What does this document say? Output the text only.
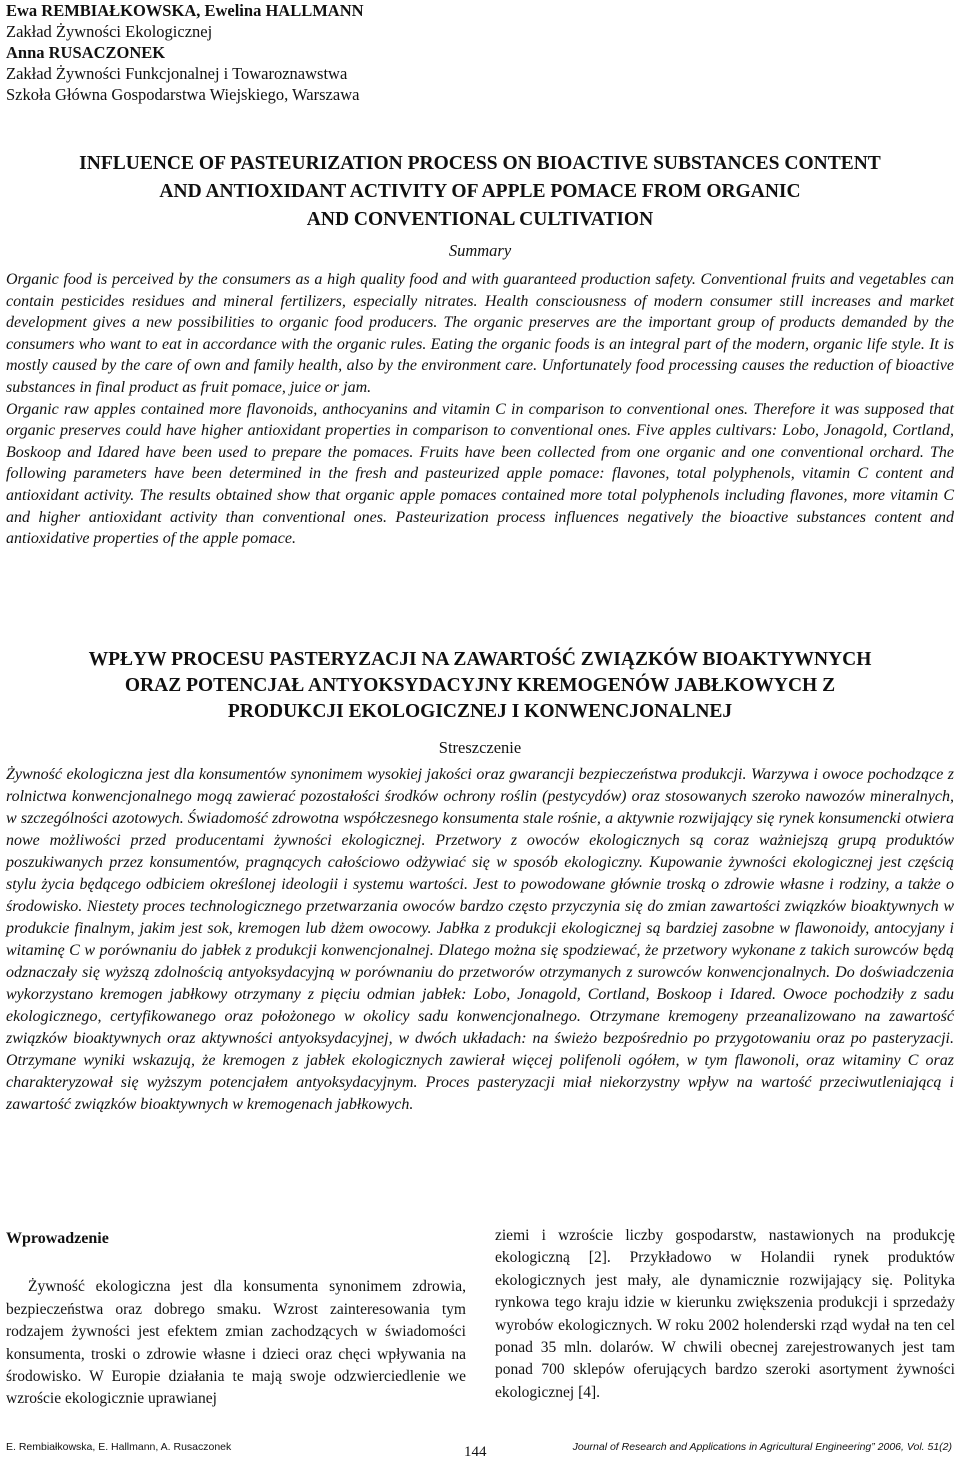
Ewa REMBIAŁKOWSKA, Ewelina HALLMANN
Zakład Żywności Ekologicznej
Anna RUSACZONEK
Zakład Żywności Funkcjonalnej i Towaroznawstwa
Szkoła Główna Gospodarstwa Wiejskiego, Warszawa
INFLUENCE OF PASTEURIZATION PROCESS ON BIOACTIVE SUBSTANCES CONTENT
AND ANTIOXIDANT ACTIVITY OF APPLE POMACE FROM ORGANIC
AND CONVENTIONAL CULTIVATION
Summary

Organic food is perceived by the consumers as a high quality food and with guaranteed production safety. Conventional fruits and vegetables can contain pesticides residues and mineral fertilizers, especially nitrates. Health consciousness of modern consumer still increases and market development gives a new possibilities to organic food producers. The organic preserves are the important group of products demanded by the consumers who want to eat in accordance with the organic rules. Eating the organic foods is an integral part of the modern, organic life style. It is mostly caused by the care of own and family health, also by the environment care. Unfortunately food processing causes the reduction of bioactive substances in final product as fruit pomace, juice or jam.

Organic raw apples contained more flavonoids, anthocyanins and vitamin C in comparison to conventional ones. Therefore it was supposed that organic preserves could have higher antioxidant properties in comparison to conventional ones. Five apples cultivars: Lobo, Jonagold, Cortland, Boskoop and Idared have been used to prepare the pomaces. Fruits have been collected from one organic and one conventional orchard. The following parameters have been determined in the fresh and pasteurized apple pomace: flavones, total polyphenols, vitamin C content and antioxidant activity. The results obtained show that organic apple pomaces contained more total polyphenols including flavones, more vitamin C and higher antioxidant activity than conventional ones. Pasteurization process influences negatively the bioactive substances content and antioxidative properties of the apple pomace.

WPŁYW PROCESU PASTERYZACJI NA ZAWARTOŚĆ ZWIĄZKÓW BIOAKTYWNYCH
ORAZ POTENCJAŁ ANTYOKSYDACYJNY KREMOGENÓW JABŁKOWYCH Z
PRODUKCJI EKOLOGICZNEJ I KONWENCJONALNEJ
Streszczenie

Żywność ekologiczna jest dla konsumentów synonimem wysokiej jakości oraz gwarancji bezpieczeństwa produkcji. Warzywa i owoce pochodzące z rolnictwa konwencjonalnego mogą zawierać pozostałości środków ochrony roślin (pestycydów) oraz stosowanych szeroko nawozów mineralnych, w szczególności azotowych. Świadomość zdrowotna współczesnego konsumenta stale rośnie, a aktywnie rozwijający się rynek konsumencki otwiera nowe możliwości przed producentami żywności ekologicznej. Przetwory z owoców ekologicznych są coraz ważniejszą grupą produktów poszukiwanych przez konsumentów, pragnących całościowo odżywiać się w sposób ekologiczny. Kupowanie żywności ekologicznej jest częścią stylu życia będącego odbiciem określonej ideologii i systemu wartości. Jest to powodowane głównie troską o zdrowie własne i rodziny, a także o środowisko. Niestety proces technologicznego przetwarzania owoców bardzo często przyczynia się do zmian zawartości związków bioaktywnych w produkcie finalnym, jakim jest sok, kremogen lub dżem owocowy. Jabłka z produkcji ekologicznej są bardziej zasobne w flawonoidy, antocyjany i witaminę C w porównaniu do jabłek z produkcji konwencjonalnej. Dlatego można się spodziewać, że przetwory wykonane z takich surowców będą odznaczały się wyższą zdolnością antyoksydacyjną w porównaniu do przetworów otrzymanych z surowców konwencjonalnych. Do doświadczenia wykorzystano kremogen jabłkowy otrzymany z pięciu odmian jabłek: Lobo, Jonagold, Cortland, Boskoop i Idared. Owoce pochodziły z sadu ekologicznego, certyfikowanego oraz położonego w okolicy sadu konwencjonalnego. Otrzymane kremogeny przeanalizowano na zawartość związków bioaktywnych oraz aktywności antyoksydacyjnej, w dwóch układach: na świeżo bezpośrednio po przygotowaniu oraz po pasteryzacji. Otrzymane wyniki wskazują, że kremogen z jabłek ekologicznych zawierał więcej polifenoli ogółem, w tym flawonoli, oraz witaminy C oraz charakteryzował się wyższym potencjałem antyoksydacyjnym. Proces pasteryzacji miał niekorzystny wpływ na wartość przeciwutleniającą i zawartość związków bioaktywnych w kremogenach jabłkowych.

Wprowadzenie

Żywność ekologiczna jest dla konsumenta synonimem zdrowia, bezpieczeństwa oraz dobrego smaku. Wzrost zainteresowania tym rodzajem żywności jest efektem zmian zachodzących w świadomości konsumenta, troski o zdrowie własne i dzieci oraz chęci wpływania na środowisko. W Europie działania te mają swoje odzwierciedlenie we wzroście ekologicznie uprawianej

ziemi i wzroście liczby gospodarstw, nastawionych na produkcję ekologiczną [2]. Przykładowo w Holandii rynek produktów ekologicznych jest mały, ale dynamicznie rozwijający się. Polityka rynkowa tego kraju idzie w kierunku zwiększenia produkcji i sprzedaży wyrobów ekologicznych. W roku 2002 holenderski rząd wydał na ten cel ponad 35 mln. dolarów. W chwili obecnej zarejestrowanych jest tam ponad 700 sklepów oferujących bardzo szeroki asortyment żywności ekologicznej [4].

E. Rembiałkowska, E. Hallmann, A. Rusaczonek	144	Journal of Research and Applications in Agricultural Engineering” 2006, Vol. 51(2)
